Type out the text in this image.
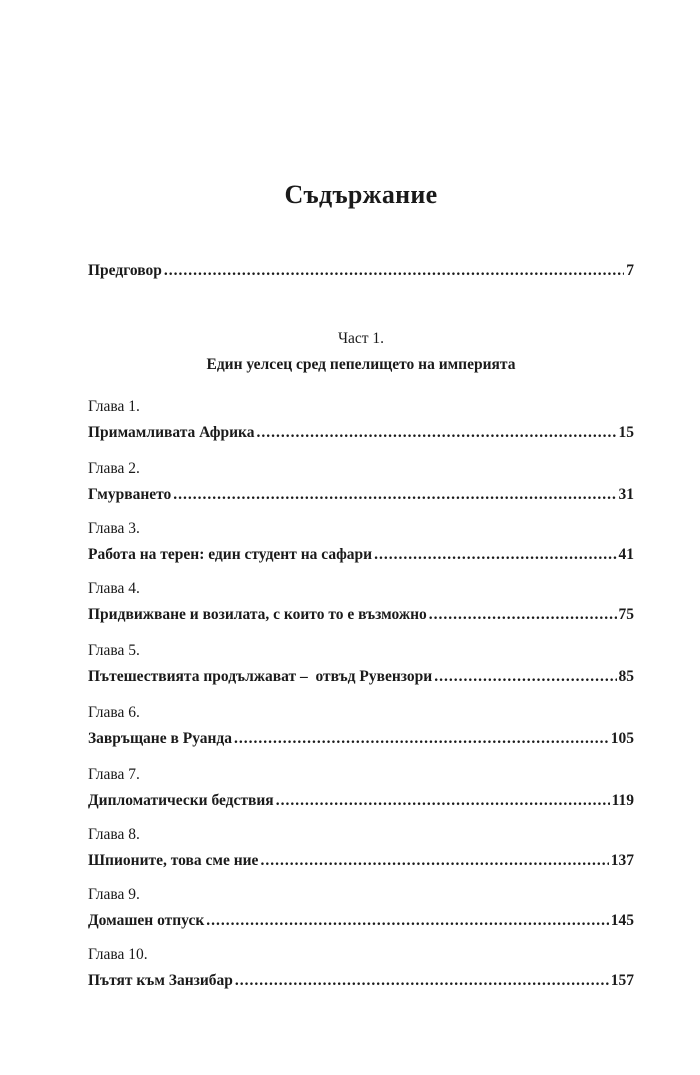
Съдържание
Предговор .....	7
Част 1.
Един уелсец сред пепелището на империята
Глава 1.
Примамливата Африка .....	15
Глава 2.
Гмурването .....	31
Глава 3.
Работа на терен: един студент на сафари .....	41
Глава 4.
Придвижване и возилата, с които то е възможно .....	75
Глава 5.
Пътешествията продължават –  отвъд Рувензори .....	85
Глава 6.
Завръщане в Руанда .....	105
Глава 7.
Дипломатически бедствия .....	119
Глава 8.
Шпионите, това сме ние .....	137
Глава 9.
Домашен отпуск .....	145
Глава 10.
Пътят към Занзибар .....	157
